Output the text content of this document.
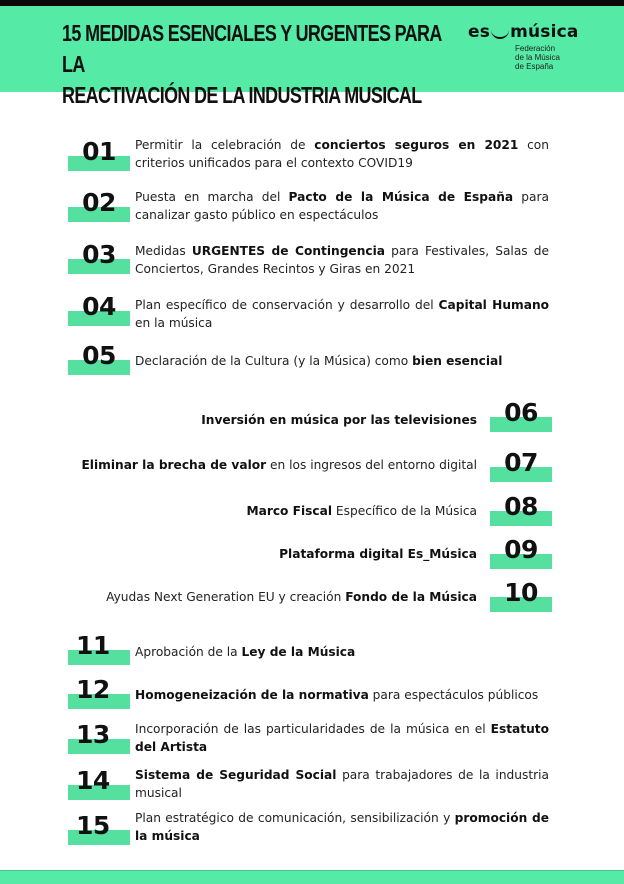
15 MEDIDAS ESENCIALES Y URGENTES PARA LA
REACTIVACIÓN DE LA INDUSTRIA MUSICAL
es música
Federación
de la Música
de España
01	Permitir la celebración de conciertos seguros en 2021 con criterios unificados para el contexto COVID19
02	Puesta en marcha del Pacto de la Música de España para canalizar gasto público en espectáculos
03	Medidas URGENTES de Contingencia para Festivales, Salas de Conciertos, Grandes Recintos y Giras en 2021
04	Plan específico de conservación y desarrollo del Capital Humano en la música
05	Declaración de la Cultura (y la Música) como bien esencial
06
Inversión en música por las televisiones
07
Eliminar la brecha de valor en los ingresos del entorno digital
08
Marco Fiscal Específico de la Música
09
Plataforma digital Es_Música
10
Ayudas Next Generation EU y creación Fondo de la Música
11	Aprobación de la Ley de la Música
12	Homogeneización de la normativa para espectáculos públicos
13	Incorporación de las particularidades de la música en el Estatuto del Artista
14	Sistema de Seguridad Social para trabajadores de la industria musical
15	Plan estratégico de comunicación, sensibilización y promoción de la música
